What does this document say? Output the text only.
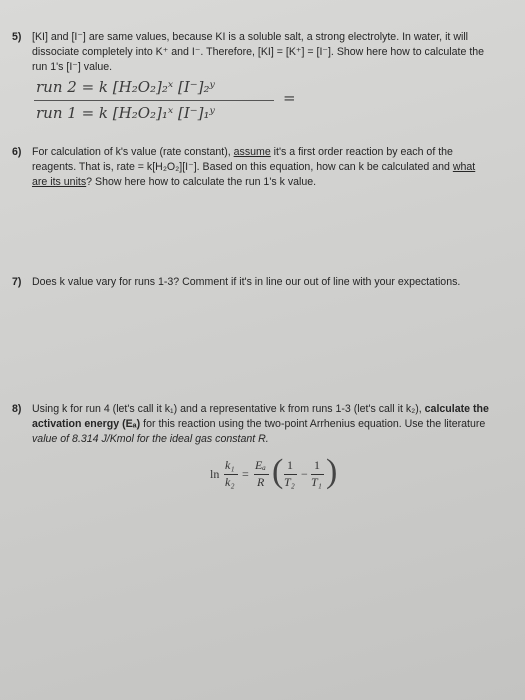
5) [KI] and [I⁻] are same values, because KI is a soluble salt, a strong electrolyte. In water, it will
dissociate completely into K⁺ and I⁻. Therefore, [KI] = [K⁺] = [I⁻]. Show here how to calculate the
run 1's [I⁻] value.
run 2 = k [H₂O₂]₂ˣ [I⁻]₂ʸ
run 1 = k [H₂O₂]₁ˣ [I⁻]₁ʸ
=
6) For calculation of k's value (rate constant), assume it's a first order reaction by each of the
reagents. That is, rate = k[H₂O₂][I⁻]. Based on this equation, how can k be calculated and what
are its units? Show here how to calculate the run 1's k value.
7) Does k value vary for runs 1-3? Comment if it's in line our out of line with your expectations.
8) Using k for run 4 (let's call it k₁) and a representative k from runs 1-3 (let's call it k₂), calculate the
activation energy (Eₐ) for this reaction using the two-point Arrhenius equation. Use the literature
value of 8.314 J/Kmol for the ideal gas constant R.
ln
k₁
k₂
=
Eₐ
R ( 1
T₂
−
1
T₁ )
